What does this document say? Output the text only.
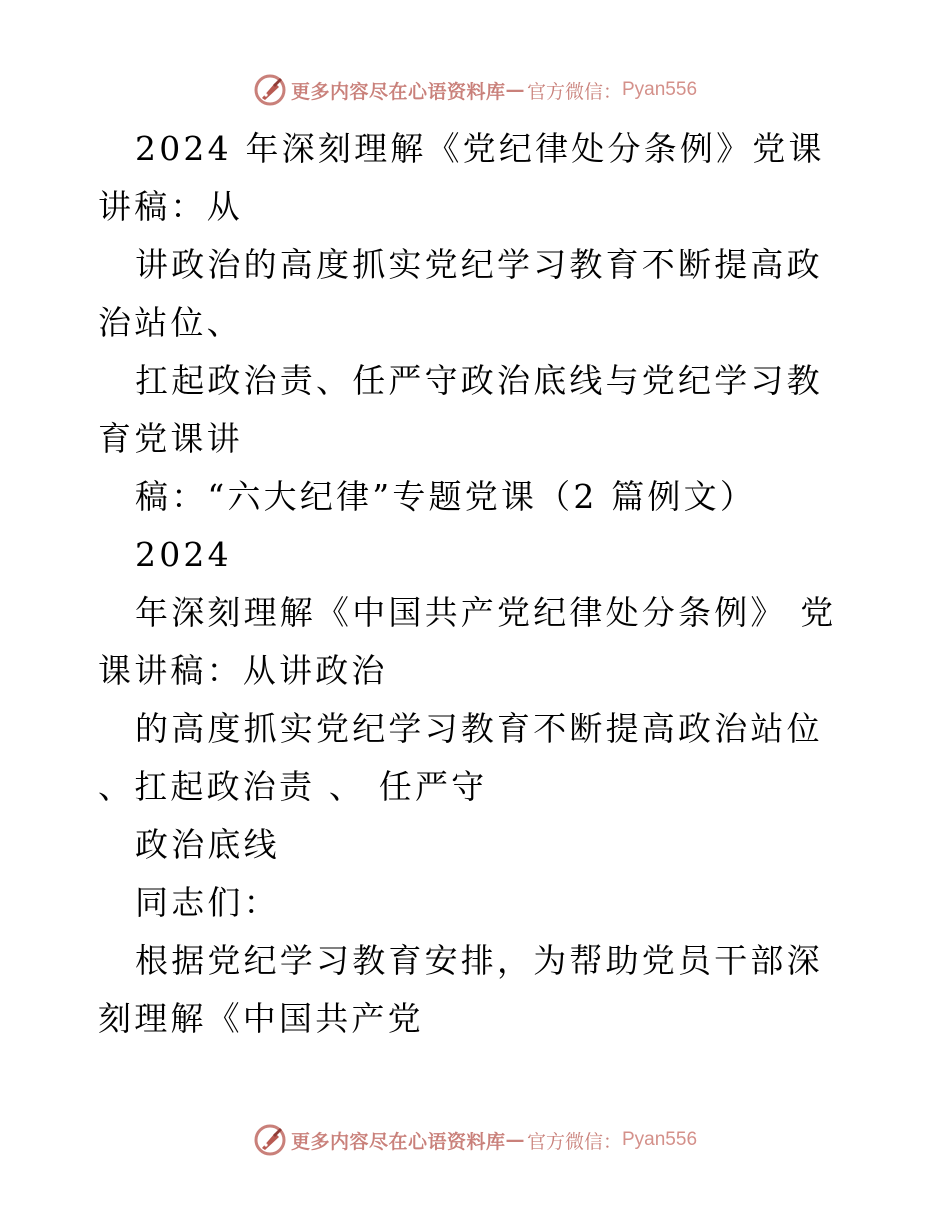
更多内容尽在心语资料库 — 官方微信： Pyan556

2024 年深刻理解《党纪律处分条例》党课讲稿：从

讲政治的高度抓实党纪学习教育不断提高政治站位、

扛起政治责、任严守政治底线与党纪学习教育党课讲

稿：“六大纪律”专题党课（2 篇例文）

2024

年深刻理解《中国共产党纪律处分条例》 党课讲稿：从讲政治

的高度抓实党纪学习教育不断提高政治站位 、扛起政治责 、 任严守

政治底线

同志们：

根据党纪学习教育安排，为帮助党员干部深刻理解《中国共产党

更多内容尽在心语资料库 — 官方微信： Pyan556
